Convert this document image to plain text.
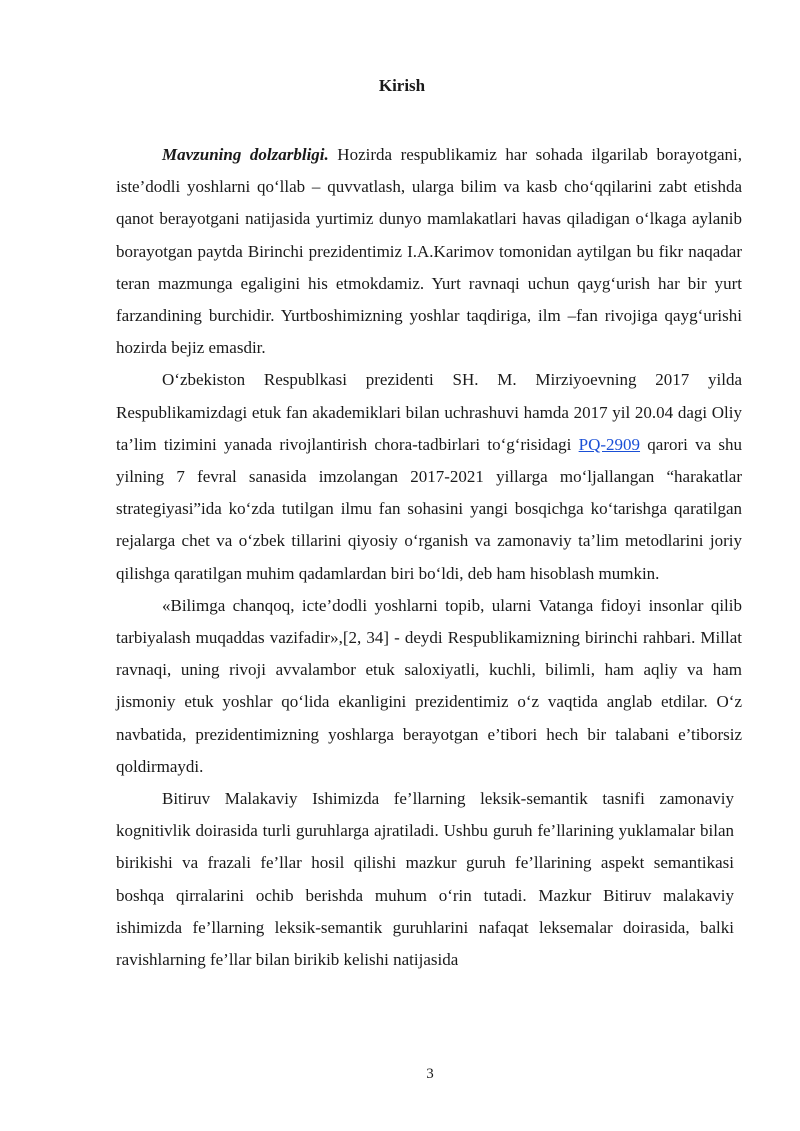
Kirish

Mavzuning dolzarbligi. Hozirda respublikamiz har sohada ilgarilab borayotgani, iste’dodli yoshlarni qo‘llab – quvvatlash, ularga bilim va kasb cho‘qqilarini zabt etishda qanot berayotgani natijasida yurtimiz dunyo mamlakatlari havas qiladigan o‘lkaga aylanib borayotgan paytda Birinchi prezidentimiz I.A.Karimov tomonidan aytilgan bu fikr naqadar teran mazmunga egaligini his etmokdamiz. Yurt ravnaqi uchun qayg‘urish har bir yurt farzandining burchidir. Yurtboshimizning yoshlar taqdiriga, ilm –fan rivojiga qayg‘urishi hozirda bejiz emasdir.

O‘zbekiston Respublkasi prezidenti SH. M. Mirziyoevning 2017 yilda Respublikamizdagi etuk fan akademiklari bilan uchrashuvi hamda 2017 yil 20.04 dagi Oliy ta’lim tizimini yanada rivojlantirish chora-tadbirlari to‘g‘risidagi PQ-2909 qarori va shu yilning 7 fevral sanasida imzolangan 2017-2021 yillarga mo‘ljallangan “harakatlar strategiyasi”ida ko‘zda tutilgan ilmu fan sohasini yangi bosqichga ko‘tarishga qaratilgan rejalarga chet va o‘zbek tillarini qiyosiy o‘rganish va zamonaviy ta’lim metodlarini joriy qilishga qaratilgan muhim qadamlardan biri bo‘ldi, deb ham hisoblash mumkin.

«Bilimga chanqoq, icte’dodli yoshlarni topib, ularni Vatanga fidoyi insonlar qilib tarbiyalash muqaddas vazifadir»,[2, 34] - deydi Respublikamizning birinchi rahbari. Millat ravnaqi, uning rivoji avvalambor etuk saloxiyatli, kuchli, bilimli, ham aqliy va ham jismoniy etuk yoshlar qo‘lida ekanligini prezidentimiz o‘z vaqtida anglab etdilar. O‘z navbatida, prezidentimizning yoshlarga berayotgan e’tibori hech bir talabani e’tiborsiz qoldirmaydi.

Bitiruv Malakaviy Ishimizda fe’llarning leksik-semantik tasnifi zamonaviy kognitivlik doirasida turli guruhlarga ajratiladi. Ushbu guruh fe’llarining yuklamalar bilan birikishi va frazali fe’llar hosil qilishi mazkur guruh fe’llarining aspekt semantikasi boshqa qirralarini ochib berishda muhum o‘rin tutadi. Mazkur Bitiruv malakaviy ishimizda fe’llarning leksik-semantik guruhlarini nafaqat leksemalar doirasida, balki ravishlarning fe’llar bilan birikib kelishi natijasida

3
